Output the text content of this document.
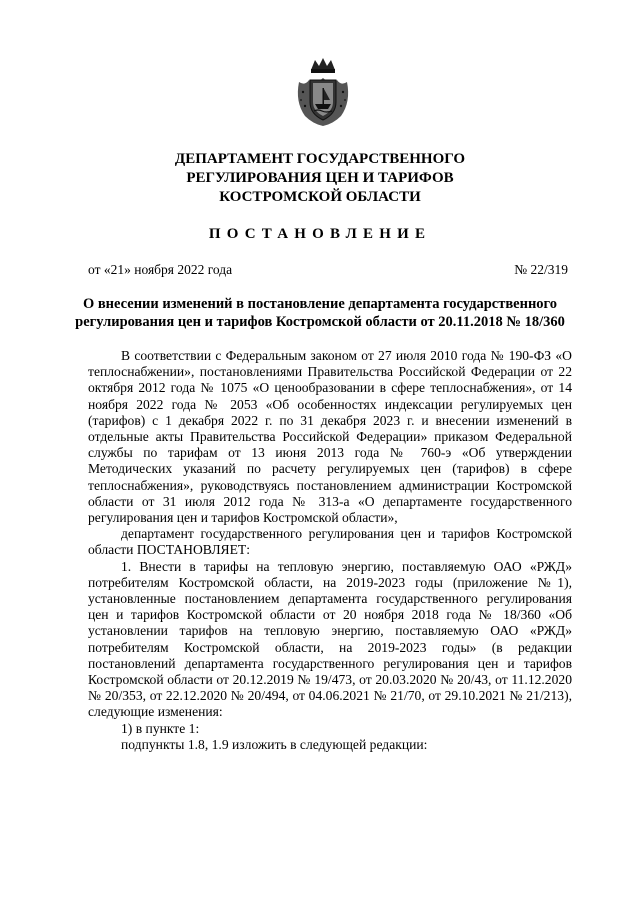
ДЕПАРТАМЕНТ ГОСУДАРСТВЕННОГО
РЕГУЛИРОВАНИЯ ЦЕН И ТАРИФОВ
КОСТРОМСКОЙ ОБЛАСТИ
ПОСТАНОВЛЕНИЕ
от «21» ноября 2022 года	№ 22/319
О внесении изменений в постановление департамента государственного
регулирования цен и тарифов Костромской области от 20.11.2018 № 18/360

В соответствии с Федеральным законом от 27 июля 2010 года № 190-ФЗ «О теплоснабжении», постановлениями Правительства Российской Федерации от 22 октября 2012 года № 1075 «О ценообразовании в сфере теплоснабжения», от 14 ноября 2022 года № 2053 «Об особенностях индексации регулируемых цен (тарифов) с 1 декабря 2022 г. по 31 декабря 2023 г. и внесении изменений в отдельные акты Правительства Российской Федерации» приказом Федеральной службы по тарифам от 13 июня 2013 года № 760-э «Об утверждении Методических указаний по расчету регулируемых цен (тарифов) в сфере теплоснабжения», руководствуясь постановлением администрации Костромской области от 31 июля 2012 года № 313-а «О департаменте государственного регулирования цен и тарифов Костромской области»,

департамент государственного регулирования цен и тарифов Костромской области ПОСТАНОВЛЯЕТ:

1. Внести в тарифы на тепловую энергию, поставляемую ОАО «РЖД» потребителям Костромской области, на 2019-2023 годы (приложение №1), установленные постановлением департамента государственного регулирования цен и тарифов Костромской области от 20 ноября 2018 года № 18/360 «Об установлении тарифов на тепловую энергию, поставляемую ОАО «РЖД» потребителям Костромской области, на 2019-2023 годы» (в редакции постановлений департамента государственного регулирования цен и тарифов Костромской области от 20.12.2019 № 19/473, от 20.03.2020 № 20/43, от 11.12.2020 № 20/353, от 22.12.2020 № 20/494, от 04.06.2021 № 21/70, от 29.10.2021 № 21/213), следующие изменения:

1) в пункте 1:

подпункты 1.8, 1.9 изложить в следующей редакции:
